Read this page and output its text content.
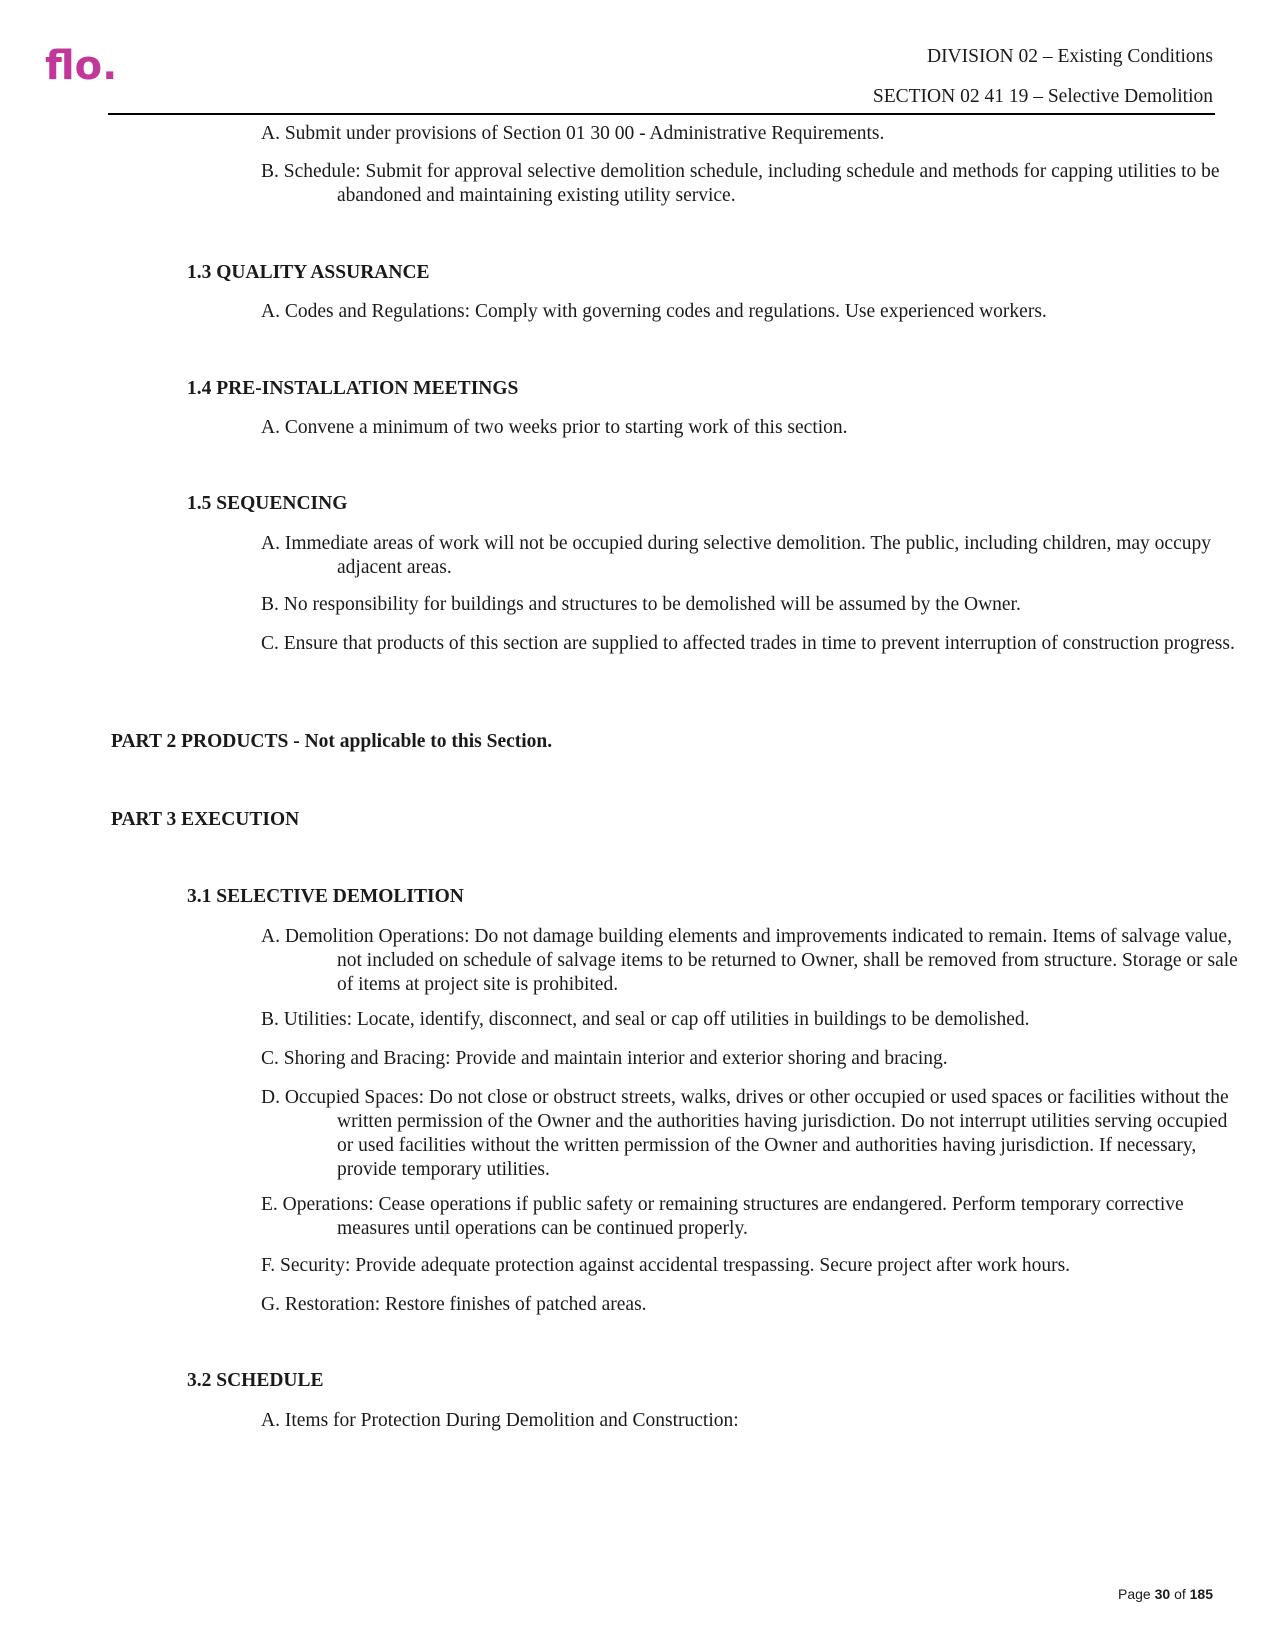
flo.	DIVISION 02 – Existing Conditions
SECTION 02 41 19 – Selective Demolition
A. Submit under provisions of Section 01 30 00 - Administrative Requirements.
B. Schedule: Submit for approval selective demolition schedule, including schedule and methods for capping utilities to be abandoned and maintaining existing utility service.
1.3 QUALITY ASSURANCE
A. Codes and Regulations: Comply with governing codes and regulations. Use experienced workers.
1.4 PRE-INSTALLATION MEETINGS
A. Convene a minimum of two weeks prior to starting work of this section.
1.5 SEQUENCING
A. Immediate areas of work will not be occupied during selective demolition. The public, including children, may occupy adjacent areas.
B. No responsibility for buildings and structures to be demolished will be assumed by the Owner.
C. Ensure that products of this section are supplied to affected trades in time to prevent interruption of construction progress.
PART 2 PRODUCTS - Not applicable to this Section.
PART 3 EXECUTION
3.1 SELECTIVE DEMOLITION
A. Demolition Operations: Do not damage building elements and improvements indicated to remain. Items of salvage value, not included on schedule of salvage items to be returned to Owner, shall be removed from structure. Storage or sale of items at project site is prohibited.
B. Utilities: Locate, identify, disconnect, and seal or cap off utilities in buildings to be demolished.
C. Shoring and Bracing: Provide and maintain interior and exterior shoring and bracing.
D. Occupied Spaces: Do not close or obstruct streets, walks, drives or other occupied or used spaces or facilities without the written permission of the Owner and the authorities having jurisdiction. Do not interrupt utilities serving occupied or used facilities without the written permission of the Owner and authorities having jurisdiction. If necessary, provide temporary utilities.
E. Operations: Cease operations if public safety or remaining structures are endangered. Perform temporary corrective measures until operations can be continued properly.
F. Security: Provide adequate protection against accidental trespassing. Secure project after work hours.
G. Restoration: Restore finishes of patched areas.
3.2 SCHEDULE
A. Items for Protection During Demolition and Construction:
Page 30 of 185
